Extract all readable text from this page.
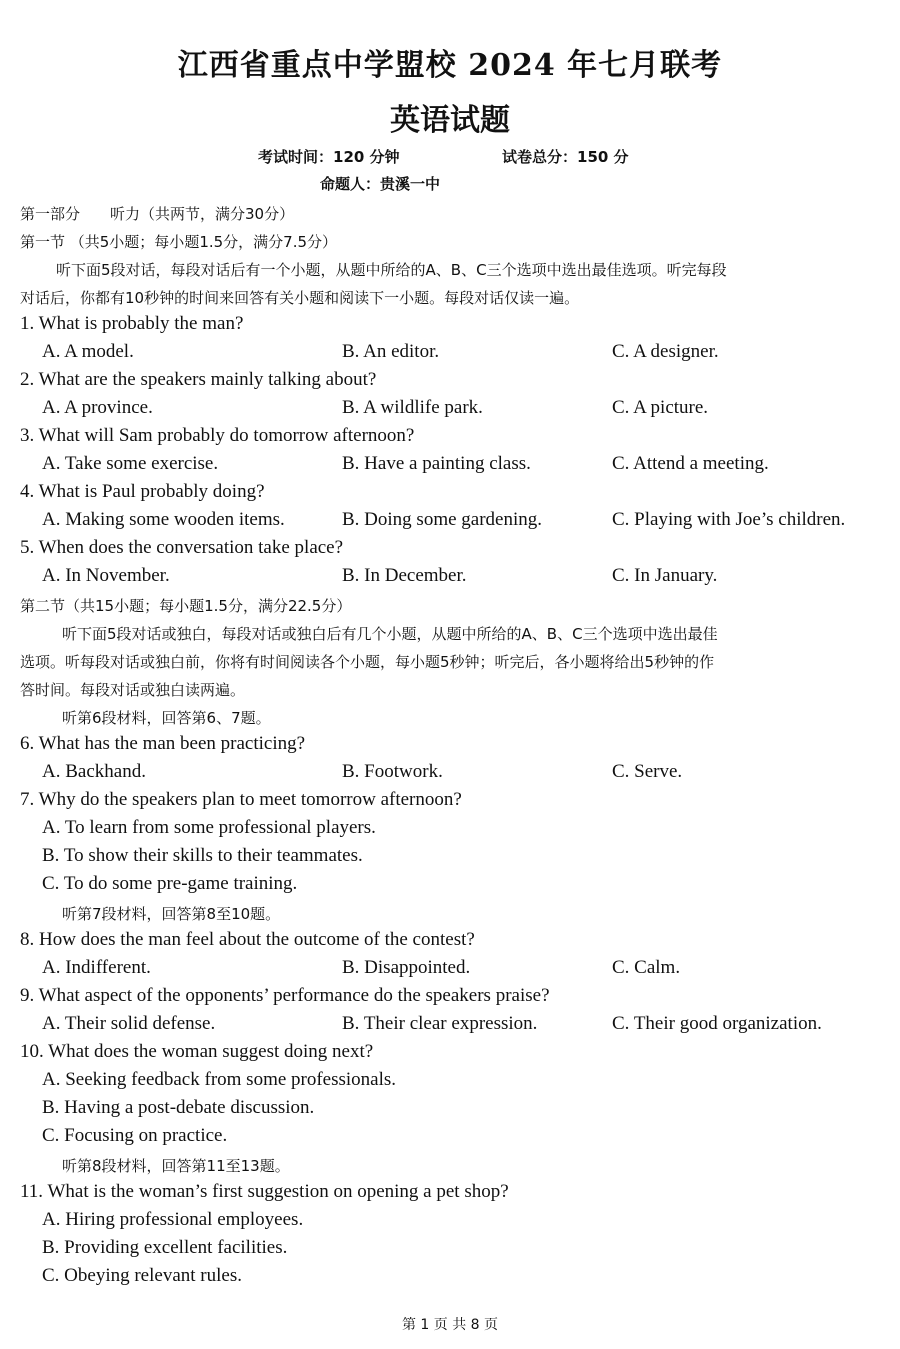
江西省重点中学盟校 2024 年七月联考
英语试题
考试时间：120 分钟	试卷总分：150 分
命题人：贵溪一中
第一部分　　听力（共两节，满分30分）
第一节 （共5小题；每小题1.5分，满分7.5分）
听下面5段对话，每段对话后有一个小题，从题中所给的A、B、C三个选项中选出最佳选项。听完每段
对话后，你都有10秒钟的时间来回答有关小题和阅读下一小题。每段对话仅读一遍。
1. What is probably the man?
A. A model.	B. An editor.	C. A designer.
2. What are the speakers mainly talking about?
A. A province.	B. A wildlife park.	C. A picture.
3. What will Sam probably do tomorrow afternoon?
A. Take some exercise.	B. Have a painting class.	C. Attend a meeting.
4. What is Paul probably doing?
A. Making some wooden items.	B. Doing some gardening.	C. Playing with Joe’s children.
5. When does the conversation take place?
A. In November.	B. In December.	C. In January.
第二节（共15小题；每小题1.5分，满分22.5分）
听下面5段对话或独白，每段对话或独白后有几个小题，从题中所给的A、B、C三个选项中选出最佳
选项。听每段对话或独白前，你将有时间阅读各个小题，每小题5秒钟；听完后，各小题将给出5秒钟的作
答时间。每段对话或独白读两遍。
听第6段材料，回答第6、7题。
6. What has the man been practicing?
A. Backhand.	B. Footwork.	C. Serve.
7. Why do the speakers plan to meet tomorrow afternoon?
A. To learn from some professional players.
B. To show their skills to their teammates.
C. To do some pre-game training.
听第7段材料，回答第8至10题。
8. How does the man feel about the outcome of the contest?
A. Indifferent.	B. Disappointed.	C. Calm.
9. What aspect of the opponents’ performance do the speakers praise?
A. Their solid defense.	B. Their clear expression.	C. Their good organization.
10. What does the woman suggest doing next?
A. Seeking feedback from some professionals.
B. Having a post-debate discussion.
C. Focusing on practice.
听第8段材料，回答第11至13题。
11. What is the woman’s first suggestion on opening a pet shop?
A. Hiring professional employees.
B. Providing excellent facilities.
C. Obeying relevant rules.
第 1 页 共 8 页
